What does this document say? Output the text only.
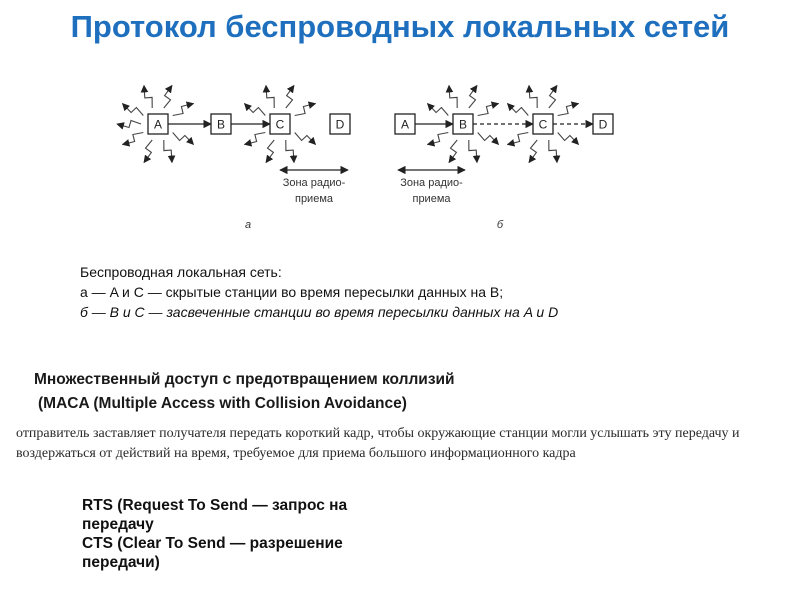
Протокол беспроводных локальных сетей
A	B	C	D	A	B	C	D
Зона радио-
приема
а
Зона радио-
приема
б
Беспроводная локальная сеть:
а — A и C — скрытые станции во время пересылки данных на B;
б — B и C — засвеченные станции во время пересылки данных на A и D
Множественный доступ с предотвращением коллизий
(MACA (Multiple Access with Collision Avoidance)
отправитель заставляет получателя передать короткий кадр, чтобы окружающие станции могли услышать эту передачу и воздержаться от действий на время, требуемое для приема большого информационного кадра
RTS (Request To Send — запрос на передачу
CTS (Clear To Send — разрешение передачи)
